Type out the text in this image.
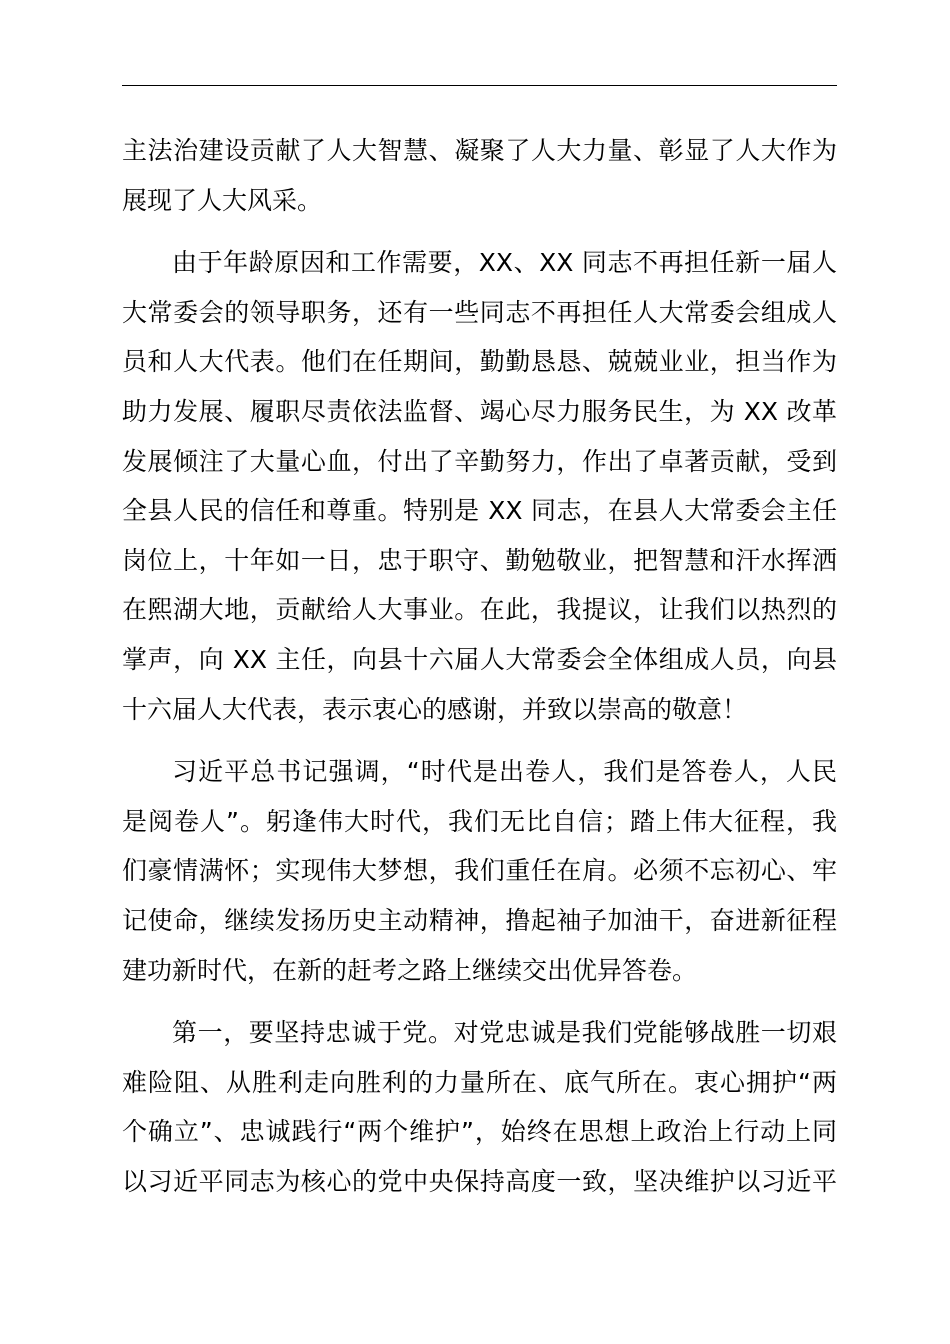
主法治建设贡献了人大智慧、凝聚了人大力量、彰显了人大作为
展现了人大风采。
由于年龄原因和工作需要，XX、XX 同志不再担任新一届人
大常委会的领导职务，还有一些同志不再担任人大常委会组成人
员和人大代表。他们在任期间，勤勤恳恳、兢兢业业，担当作为
助力发展、履职尽责依法监督、竭心尽力服务民生，为 XX 改革
发展倾注了大量心血，付出了辛勤努力，作出了卓著贡献，受到
全县人民的信任和尊重。特别是 XX 同志，在县人大常委会主任
岗位上，十年如一日，忠于职守、勤勉敬业，把智慧和汗水挥洒
在熙湖大地，贡献给人大事业。在此，我提议，让我们以热烈的
掌声，向 XX 主任，向县十六届人大常委会全体组成人员，向县
十六届人大代表，表示衷心的感谢，并致以崇高的敬意！
习近平总书记强调，“时代是出卷人，我们是答卷人，人民
是阅卷人”。躬逢伟大时代，我们无比自信；踏上伟大征程，我
们豪情满怀；实现伟大梦想，我们重任在肩。必须不忘初心、牢
记使命，继续发扬历史主动精神，撸起袖子加油干，奋进新征程
建功新时代，在新的赶考之路上继续交出优异答卷。
第一，要坚持忠诚于党。对党忠诚是我们党能够战胜一切艰
难险阻、从胜利走向胜利的力量所在、底气所在。衷心拥护“两
个确立”、忠诚践行“两个维护”，始终在思想上政治上行动上同
以习近平同志为核心的党中央保持高度一致，坚决维护以习近平
